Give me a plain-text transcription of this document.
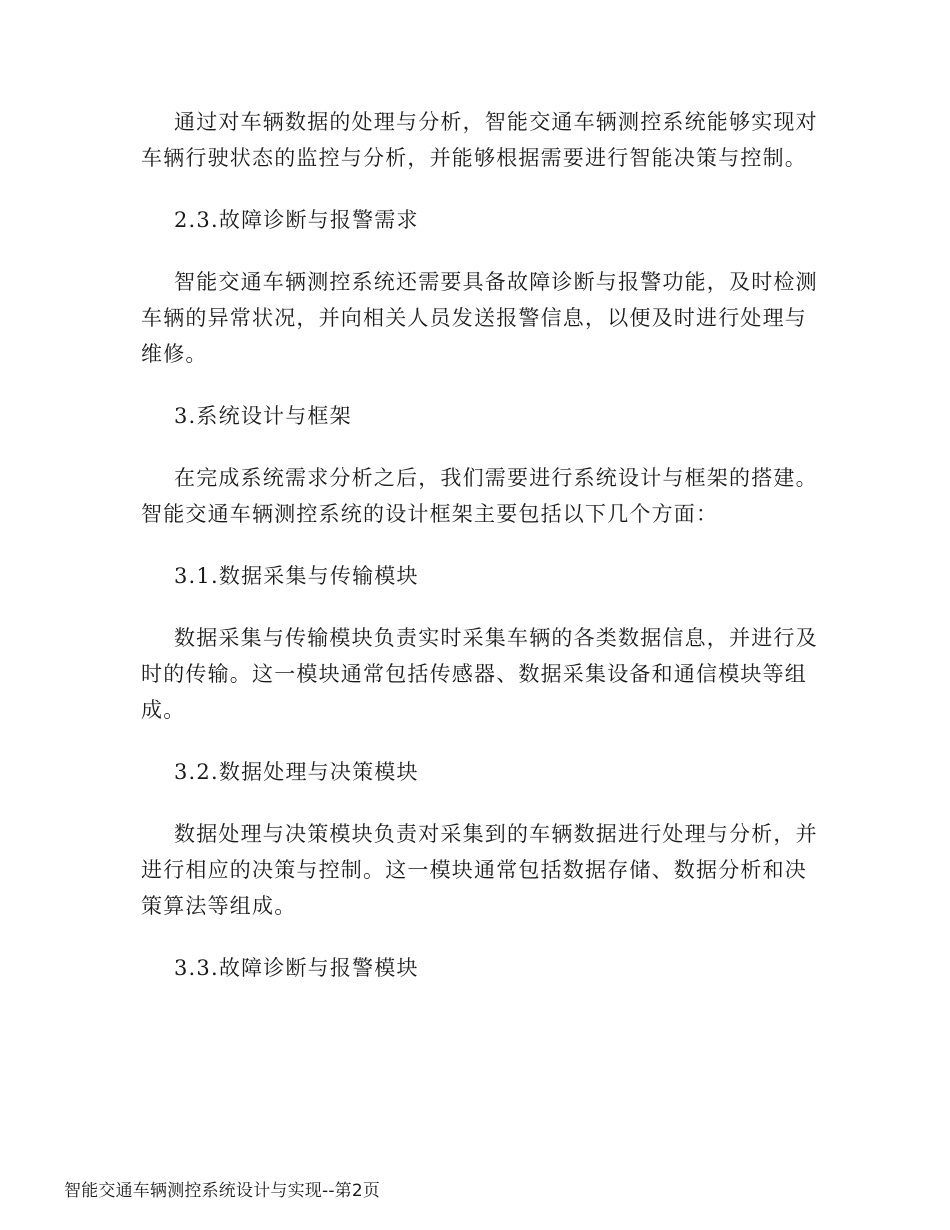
通过对车辆数据的处理与分析，智能交通车辆测控系统能够实现对车辆行驶状态的监控与分析，并能够根据需要进行智能决策与控制。

2.3.故障诊断与报警需求

智能交通车辆测控系统还需要具备故障诊断与报警功能，及时检测车辆的异常状况，并向相关人员发送报警信息，以便及时进行处理与维修。

3.系统设计与框架

在完成系统需求分析之后，我们需要进行系统设计与框架的搭建。智能交通车辆测控系统的设计框架主要包括以下几个方面：

3.1.数据采集与传输模块

数据采集与传输模块负责实时采集车辆的各类数据信息，并进行及时的传输。这一模块通常包括传感器、数据采集设备和通信模块等组成。

3.2.数据处理与决策模块

数据处理与决策模块负责对采集到的车辆数据进行处理与分析，并进行相应的决策与控制。这一模块通常包括数据存储、数据分析和决策算法等组成。

3.3.故障诊断与报警模块

智能交通车辆测控系统设计与实现--第2页
